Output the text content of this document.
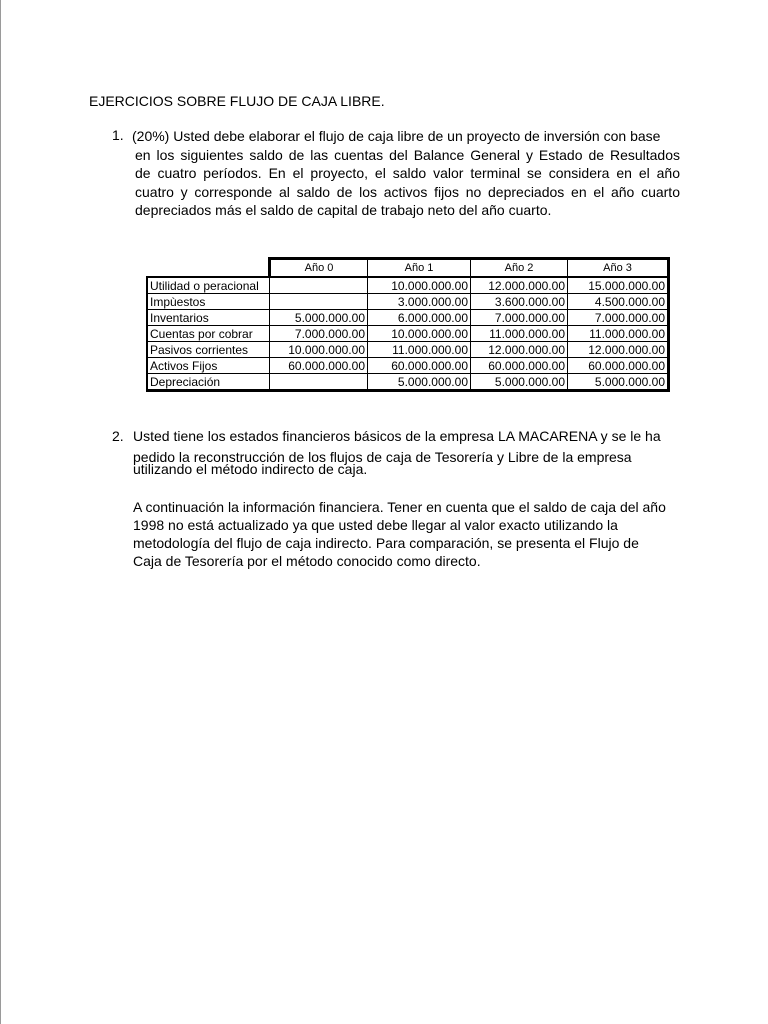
EJERCICIOS SOBRE FLUJO DE CAJA LIBRE.
1. (20%) Usted debe elaborar el flujo de caja libre de un proyecto de inversión con base
en los siguientes saldo de las cuentas del Balance General y Estado de Resultados
de cuatro períodos. En el proyecto, el saldo valor terminal se considera en el año
cuatro y corresponde al saldo de los activos fijos no depreciados en el año cuarto
depreciados más el saldo de capital de trabajo neto del año cuarto.
	Año 0	Año 1	Año 2	Año 3
Utilidad o peracional		10.000.000.00	12.000.000.00	15.000.000.00
Impùestos		3.000.000.00	3.600.000.00	4.500.000.00
Inventarios	5.000.000.00	6.000.000.00	7.000.000.00	7.000.000.00
Cuentas por cobrar	7.000.000.00	10.000.000.00	11.000.000.00	11.000.000.00
Pasivos corrientes	10.000.000.00	11.000.000.00	12.000.000.00	12.000.000.00
Activos Fijos	60.000.000.00	60.000.000.00	60.000.000.00	60.000.000.00
Depreciación		5.000.000.00	5.000.000.00	5.000.000.00
2. Usted tiene los estados financieros básicos de la empresa LA MACARENA y se le ha
pedido la reconstrucción de los flujos de caja de Tesorería y Libre de la empresa
utilizando el método indirecto de caja.
A continuación la información financiera. Tener en cuenta que el saldo de caja del año
1998 no está actualizado ya que usted debe llegar al valor exacto utilizando la
metodología del flujo de caja indirecto. Para comparación, se presenta el Flujo de
Caja de Tesorería por el método conocido como directo.
